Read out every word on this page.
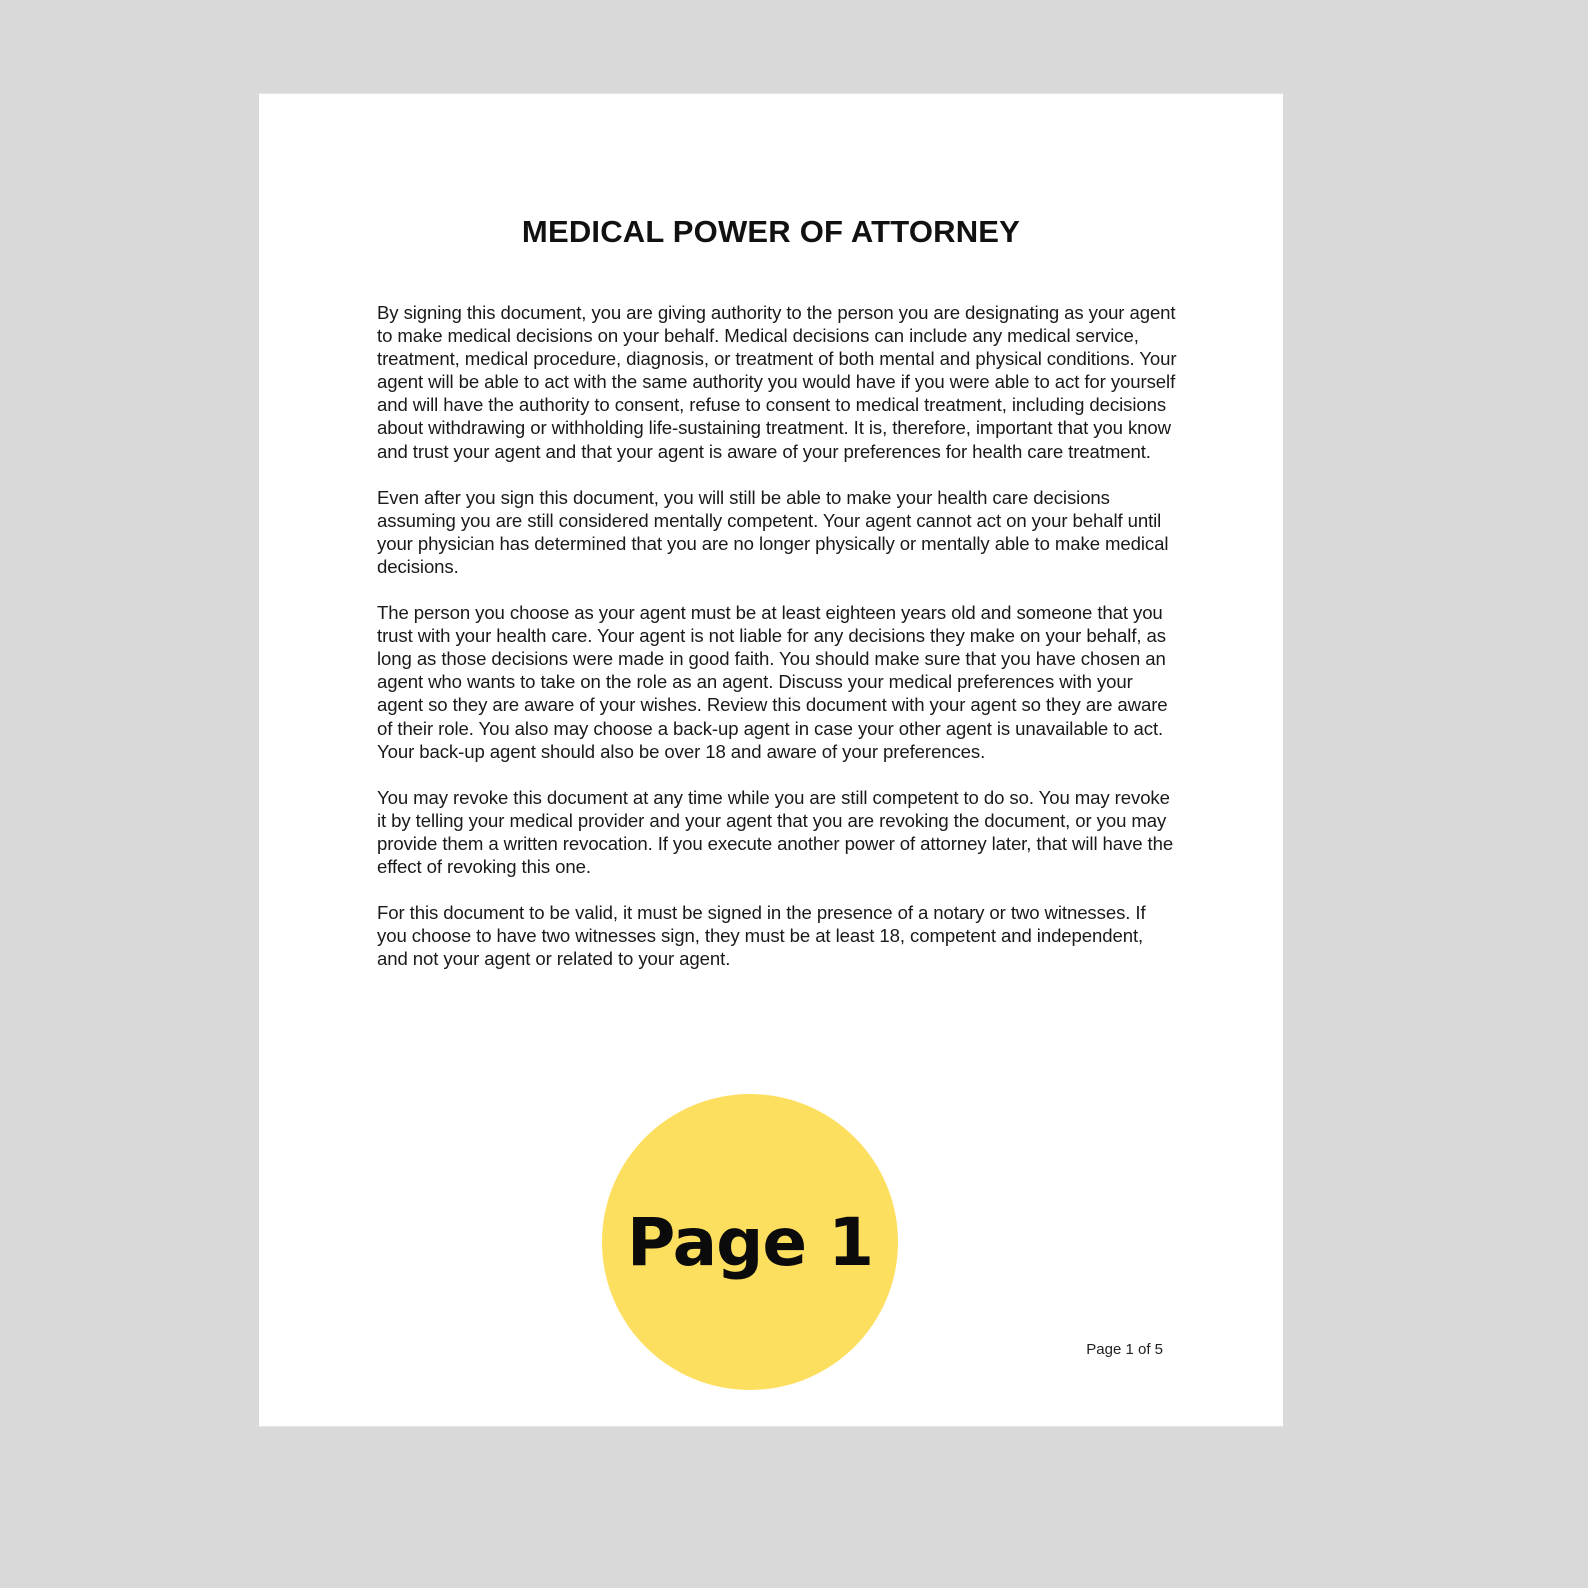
MEDICAL POWER OF ATTORNEY

By signing this document, you are giving authority to the person you are designating as your agent to make medical decisions on your behalf. Medical decisions can include any medical service, treatment, medical procedure, diagnosis, or treatment of both mental and physical conditions. Your agent will be able to act with the same authority you would have if you were able to act for yourself and will have the authority to consent, refuse to consent to medical treatment, including decisions about withdrawing or withholding life-sustaining treatment. It is, therefore, important that you know and trust your agent and that your agent is aware of your preferences for health care treatment.

Even after you sign this document, you will still be able to make your health care decisions assuming you are still considered mentally competent. Your agent cannot act on your behalf until your physician has determined that you are no longer physically or mentally able to make medical decisions.

The person you choose as your agent must be at least eighteen years old and someone that you trust with your health care. Your agent is not liable for any decisions they make on your behalf, as long as those decisions were made in good faith. You should make sure that you have chosen an agent who wants to take on the role as an agent. Discuss your medical preferences with your agent so they are aware of your wishes. Review this document with your agent so they are aware of their role. You also may choose a back-up agent in case your other agent is unavailable to act. Your back-up agent should also be over 18 and aware of your preferences.

You may revoke this document at any time while you are still competent to do so. You may revoke it by telling your medical provider and your agent that you are revoking the document, or you may provide them a written revocation. If you execute another power of attorney later, that will have the effect of revoking this one.

For this document to be valid, it must be signed in the presence of a notary or two witnesses. If you choose to have two witnesses sign, they must be at least 18, competent and independent, and not your agent or related to your agent.

Page 1
Page 1 of 5
